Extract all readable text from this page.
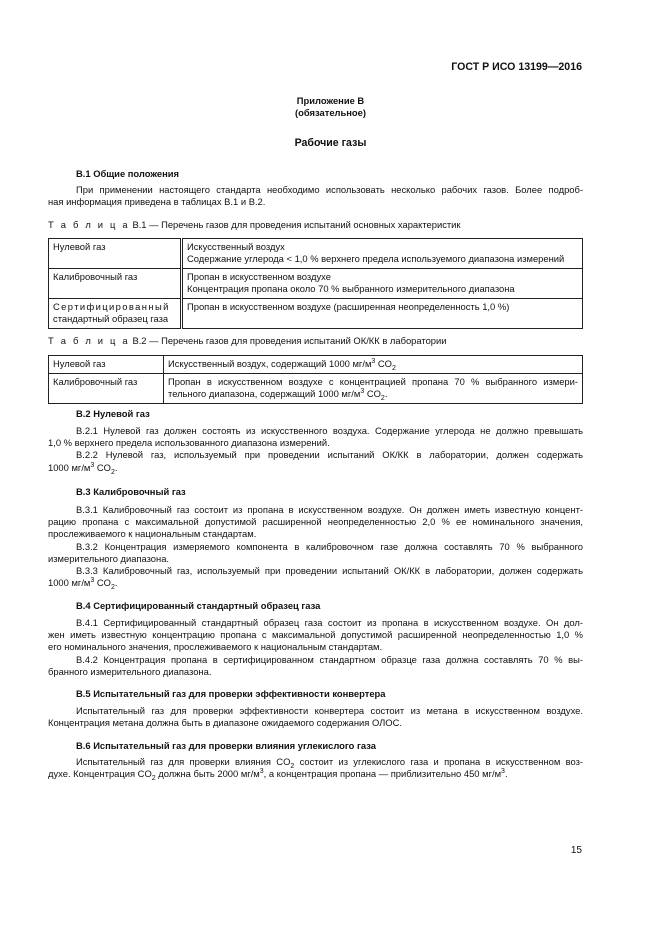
ГОСТ Р ИСО 13199—2016
Приложение В
(обязательное)
Рабочие газы
В.1 Общие положения
При применении настоящего стандарта необходимо использовать несколько рабочих газов. Более подроб-
ная информация приведена в таблицах В.1 и В.2.
Т а б л и ц а В.1 — Перечень газов для проведения испытаний основных характеристик
Нулевой газ	Искусственный воздух
Содержание углерода < 1,0 % верхнего предела используемого диапазона измерений

Калибровочный газ	Пропан в искусственном воздухе
Концентрация пропана около 70 % выбранного измерительного диапазона

Сертифицированный
стандартный образец газа	Пропан в искусственном воздухе (расширенная неопределенность 1,0 %)
Т а б л и ц а В.2 — Перечень газов для проведения испытаний ОК/КК в лаборатории
Нулевой газ	Искусственный воздух, содержащий 1000 $мг/м^3$ $CO_2$
Калибровочный газ	Пропан в искусственном воздухе с концентрацией пропана 70 % выбранного измери-
тельного диапазона, содержащий 1000 $мг/м^3$ $CO_2$.
В.2 Нулевой газ
В.2.1 Нулевой газ должен состоять из искусственного воздуха. Содержание углерода не должно превышать
1,0 % верхнего предела использованного диапазона измерений.
В.2.2 Нулевой газ, используемый при проведении испытаний ОК/КК в лаборатории, должен содержать
1000 $мг/м^3$ $CO_2$.
В.3 Калибровочный газ
В.3.1 Калибровочный газ состоит из пропана в искусственном воздухе. Он должен иметь известную концент-
рацию пропана с максимальной допустимой расширенной неопределенностью 2,0 % ее номинального значения,
прослеживаемого к национальным стандартам.
В.3.2 Концентрация измеряемого компонента в калибровочном газе должна составлять 70 % выбранного
измерительного диапазона.
В.3.3 Калибровочный газ, используемый при проведении испытаний ОК/КК в лаборатории, должен содержать
1000 $мг/м^3$ $CO_2$.
В.4 Сертифицированный стандартный образец газа
В.4.1 Сертифицированный стандартный образец газа состоит из пропана в искусственном воздухе. Он дол-
жен иметь известную концентрацию пропана с максимальной допустимой расширенной неопределенностью 1,0 %
его номинального значения, прослеживаемого к национальным стандартам.
В.4.2 Концентрация пропана в сертифицированном стандартном образце газа должна составлять 70 % вы-
бранного измерительного диапазона.
В.5 Испытательный газ для проверки эффективности конвертера
Испытательный газ для проверки эффективности конвертера состоит из метана в искусственном воздухе.
Концентрация метана должна быть в диапазоне ожидаемого содержания ОЛОС.
В.6 Испытательный газ для проверки влияния углекислого газа
Испытательный газ для проверки влияния $CO_2$ состоит из углекислого газа и пропана в искусственном воз-
духе. Концентрация $CO_2$ должна быть 2000 $мг/м^3$, а концентрация пропана — приблизительно 450 $мг/м^3$.
15
